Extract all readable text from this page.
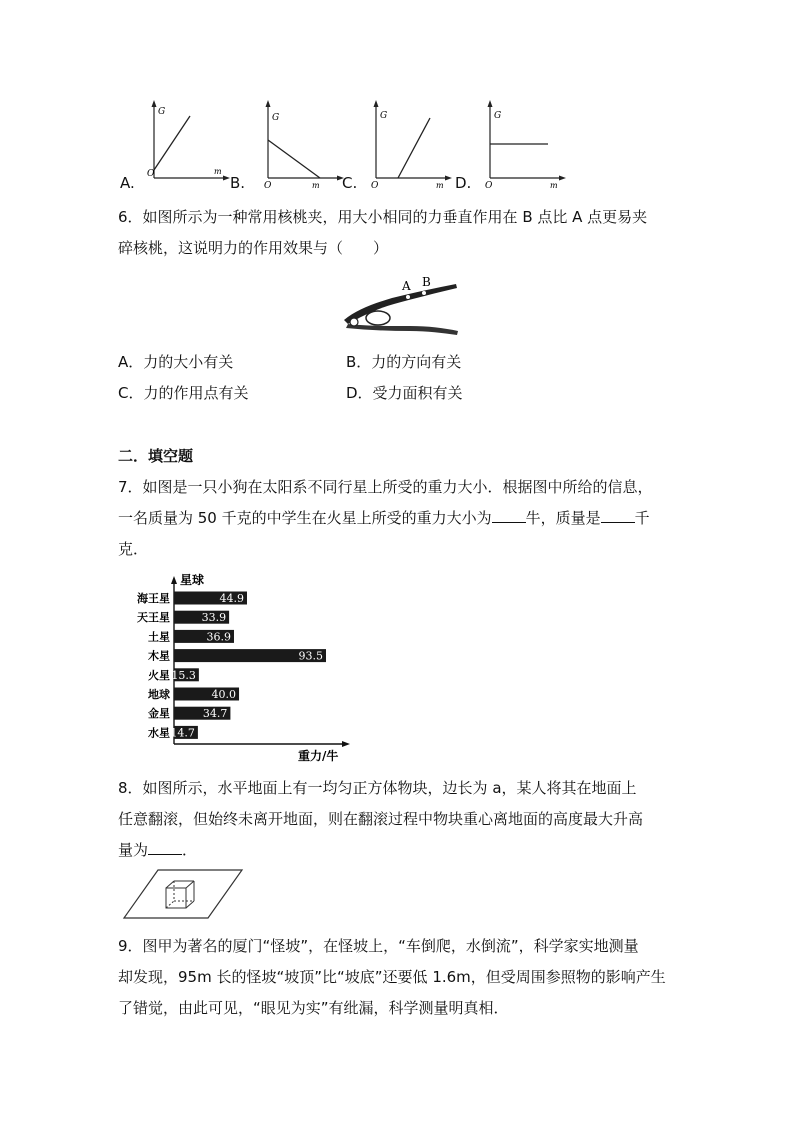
A.
G
m
O	B.
G
m
O	C.
G
m
O	D.
G
m
O
6．如图所示为一种常用核桃夹，用大小相同的力垂直作用在 B 点比 A 点更易夹
碎核桃，这说明力的作用效果与（　　）
A B
A．力的大小有关	B．力的方向有关
C．力的作用点有关	D．受力面积有关
二．填空题
7．如图是一只小狗在太阳系不同行星上所受的重力大小．根据图中所给的信息，
一名质量为 50 千克的中学生在火星上所受的重力大小为 牛，质量是 千
克．
星球
重力/牛
海王星	44.9
天王星	33.9
土星	36.9
木星	93.5
火星 15.3
地球	40.0
金星	34.7
水星 14.7
8．如图所示，水平地面上有一均匀正方体物块，边长为 a，某人将其在地面上
任意翻滚，但始终未离开地面，则在翻滚过程中物块重心离地面的高度最大升高
量为 ．
9．图甲为著名的厦门“怪坡”，在怪坡上，“车倒爬，水倒流”，科学家实地测量
却发现，95m 长的怪坡“坡顶”比“坡底”还要低 1.6m，但受周围参照物的影响产生
了错觉，由此可见，“眼见为实”有纰漏，科学测量明真相．
